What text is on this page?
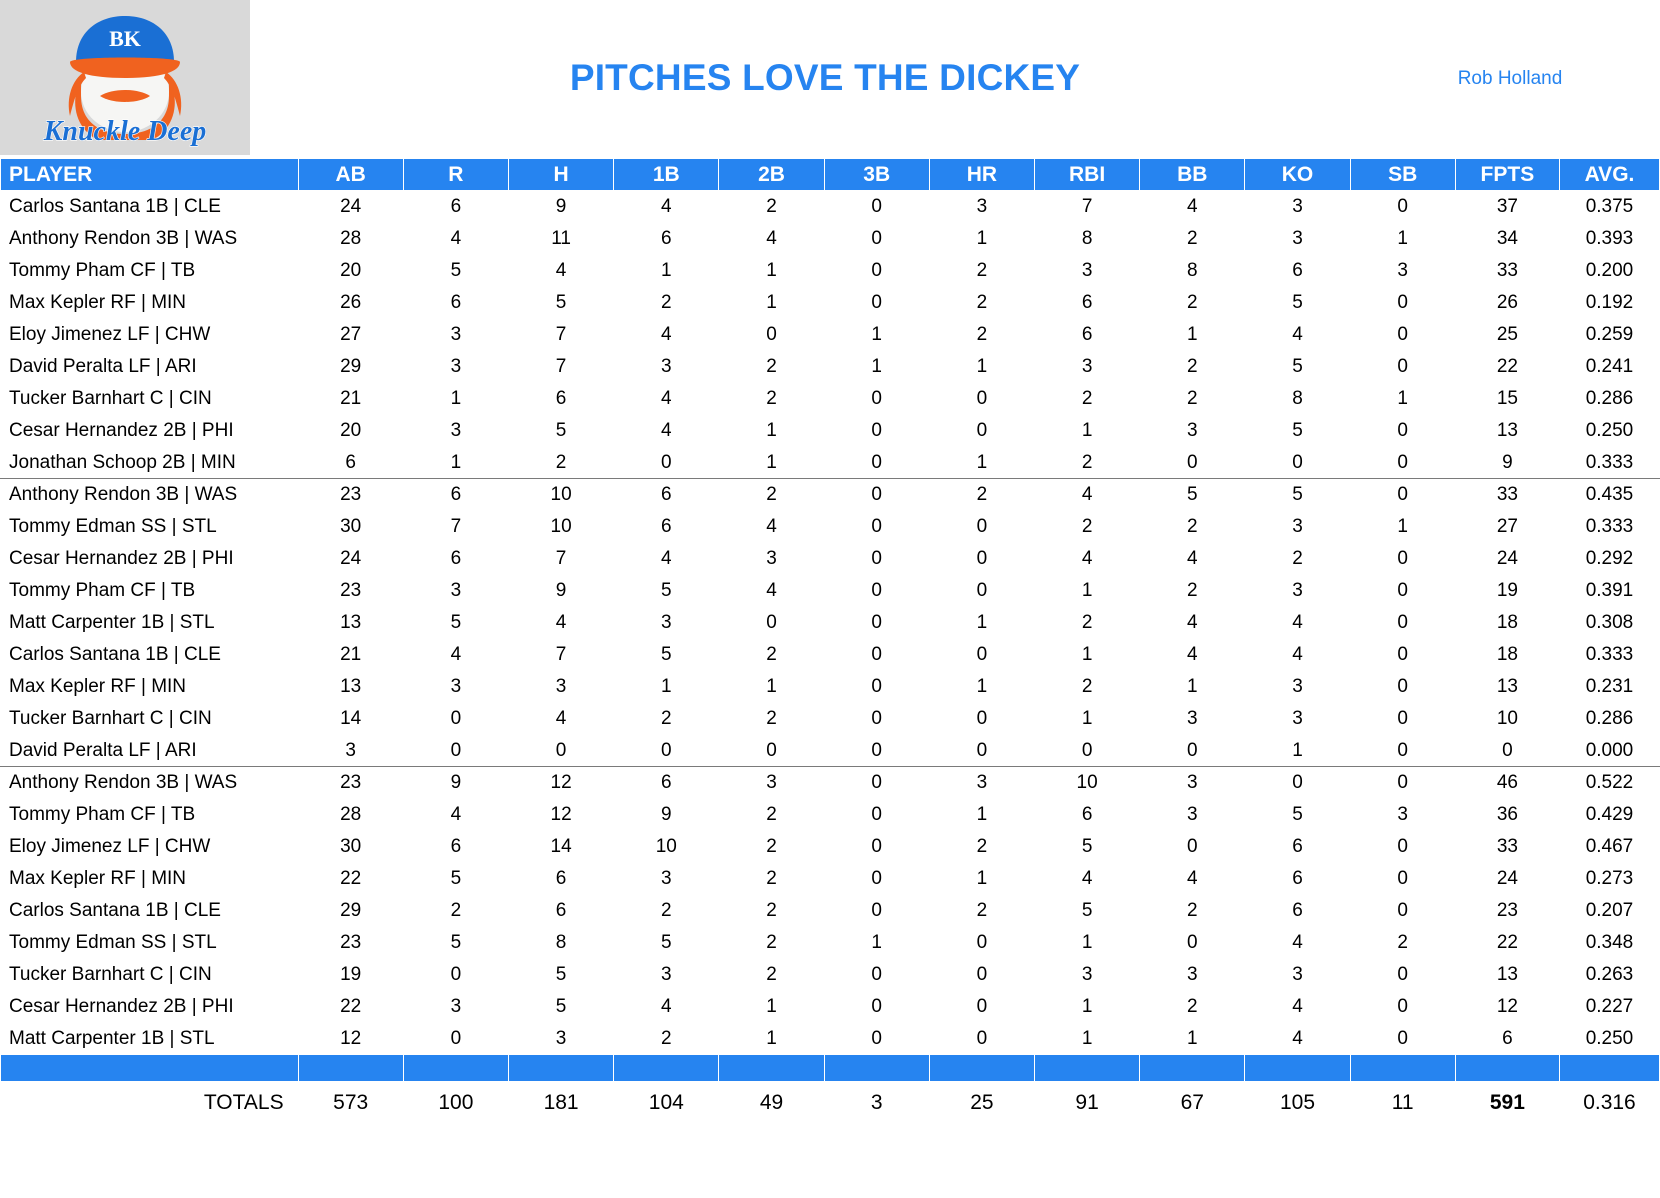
BK
Knuckle Deep
PITCHES LOVE THE DICKEY	Rob Holland
PLAYER	AB	R	H	1B	2B	3B	HR	RBI	BB	KO	SB	FPTS	AVG.
Carlos Santana 1B | CLE	24	6	9	4	2	0	3	7	4	3	0	37	0.375
Anthony Rendon 3B | WAS	28	4	11	6	4	0	1	8	2	3	1	34	0.393
Tommy Pham CF | TB	20	5	4	1	1	0	2	3	8	6	3	33	0.200
Max Kepler RF | MIN	26	6	5	2	1	0	2	6	2	5	0	26	0.192
Eloy Jimenez LF | CHW	27	3	7	4	0	1	2	6	1	4	0	25	0.259
David Peralta LF | ARI	29	3	7	3	2	1	1	3	2	5	0	22	0.241
Tucker Barnhart C | CIN	21	1	6	4	2	0	0	2	2	8	1	15	0.286
Cesar Hernandez 2B | PHI	20	3	5	4	1	0	0	1	3	5	0	13	0.250
Jonathan Schoop 2B | MIN	6	1	2	0	1	0	1	2	0	0	0	9	0.333
Anthony Rendon 3B | WAS	23	6	10	6	2	0	2	4	5	5	0	33	0.435
Tommy Edman SS | STL	30	7	10	6	4	0	0	2	2	3	1	27	0.333
Cesar Hernandez 2B | PHI	24	6	7	4	3	0	0	4	4	2	0	24	0.292
Tommy Pham CF | TB	23	3	9	5	4	0	0	1	2	3	0	19	0.391
Matt Carpenter 1B | STL	13	5	4	3	0	0	1	2	4	4	0	18	0.308
Carlos Santana 1B | CLE	21	4	7	5	2	0	0	1	4	4	0	18	0.333
Max Kepler RF | MIN	13	3	3	1	1	0	1	2	1	3	0	13	0.231
Tucker Barnhart C | CIN	14	0	4	2	2	0	0	1	3	3	0	10	0.286
David Peralta LF | ARI	3	0	0	0	0	0	0	0	0	1	0	0	0.000
Anthony Rendon 3B | WAS	23	9	12	6	3	0	3	10	3	0	0	46	0.522
Tommy Pham CF | TB	28	4	12	9	2	0	1	6	3	5	3	36	0.429
Eloy Jimenez LF | CHW	30	6	14	10	2	0	2	5	0	6	0	33	0.467
Max Kepler RF | MIN	22	5	6	3	2	0	1	4	4	6	0	24	0.273
Carlos Santana 1B | CLE	29	2	6	2	2	0	2	5	2	6	0	23	0.207
Tommy Edman SS | STL	23	5	8	5	2	1	0	1	0	4	2	22	0.348
Tucker Barnhart C | CIN	19	0	5	3	2	0	0	3	3	3	0	13	0.263
Cesar Hernandez 2B | PHI	22	3	5	4	1	0	0	1	2	4	0	12	0.227
Matt Carpenter 1B | STL	12	0	3	2	1	0	0	1	1	4	0	6	0.250

TOTALS	573	100	181	104	49	3	25	91	67	105	11	591	0.316
